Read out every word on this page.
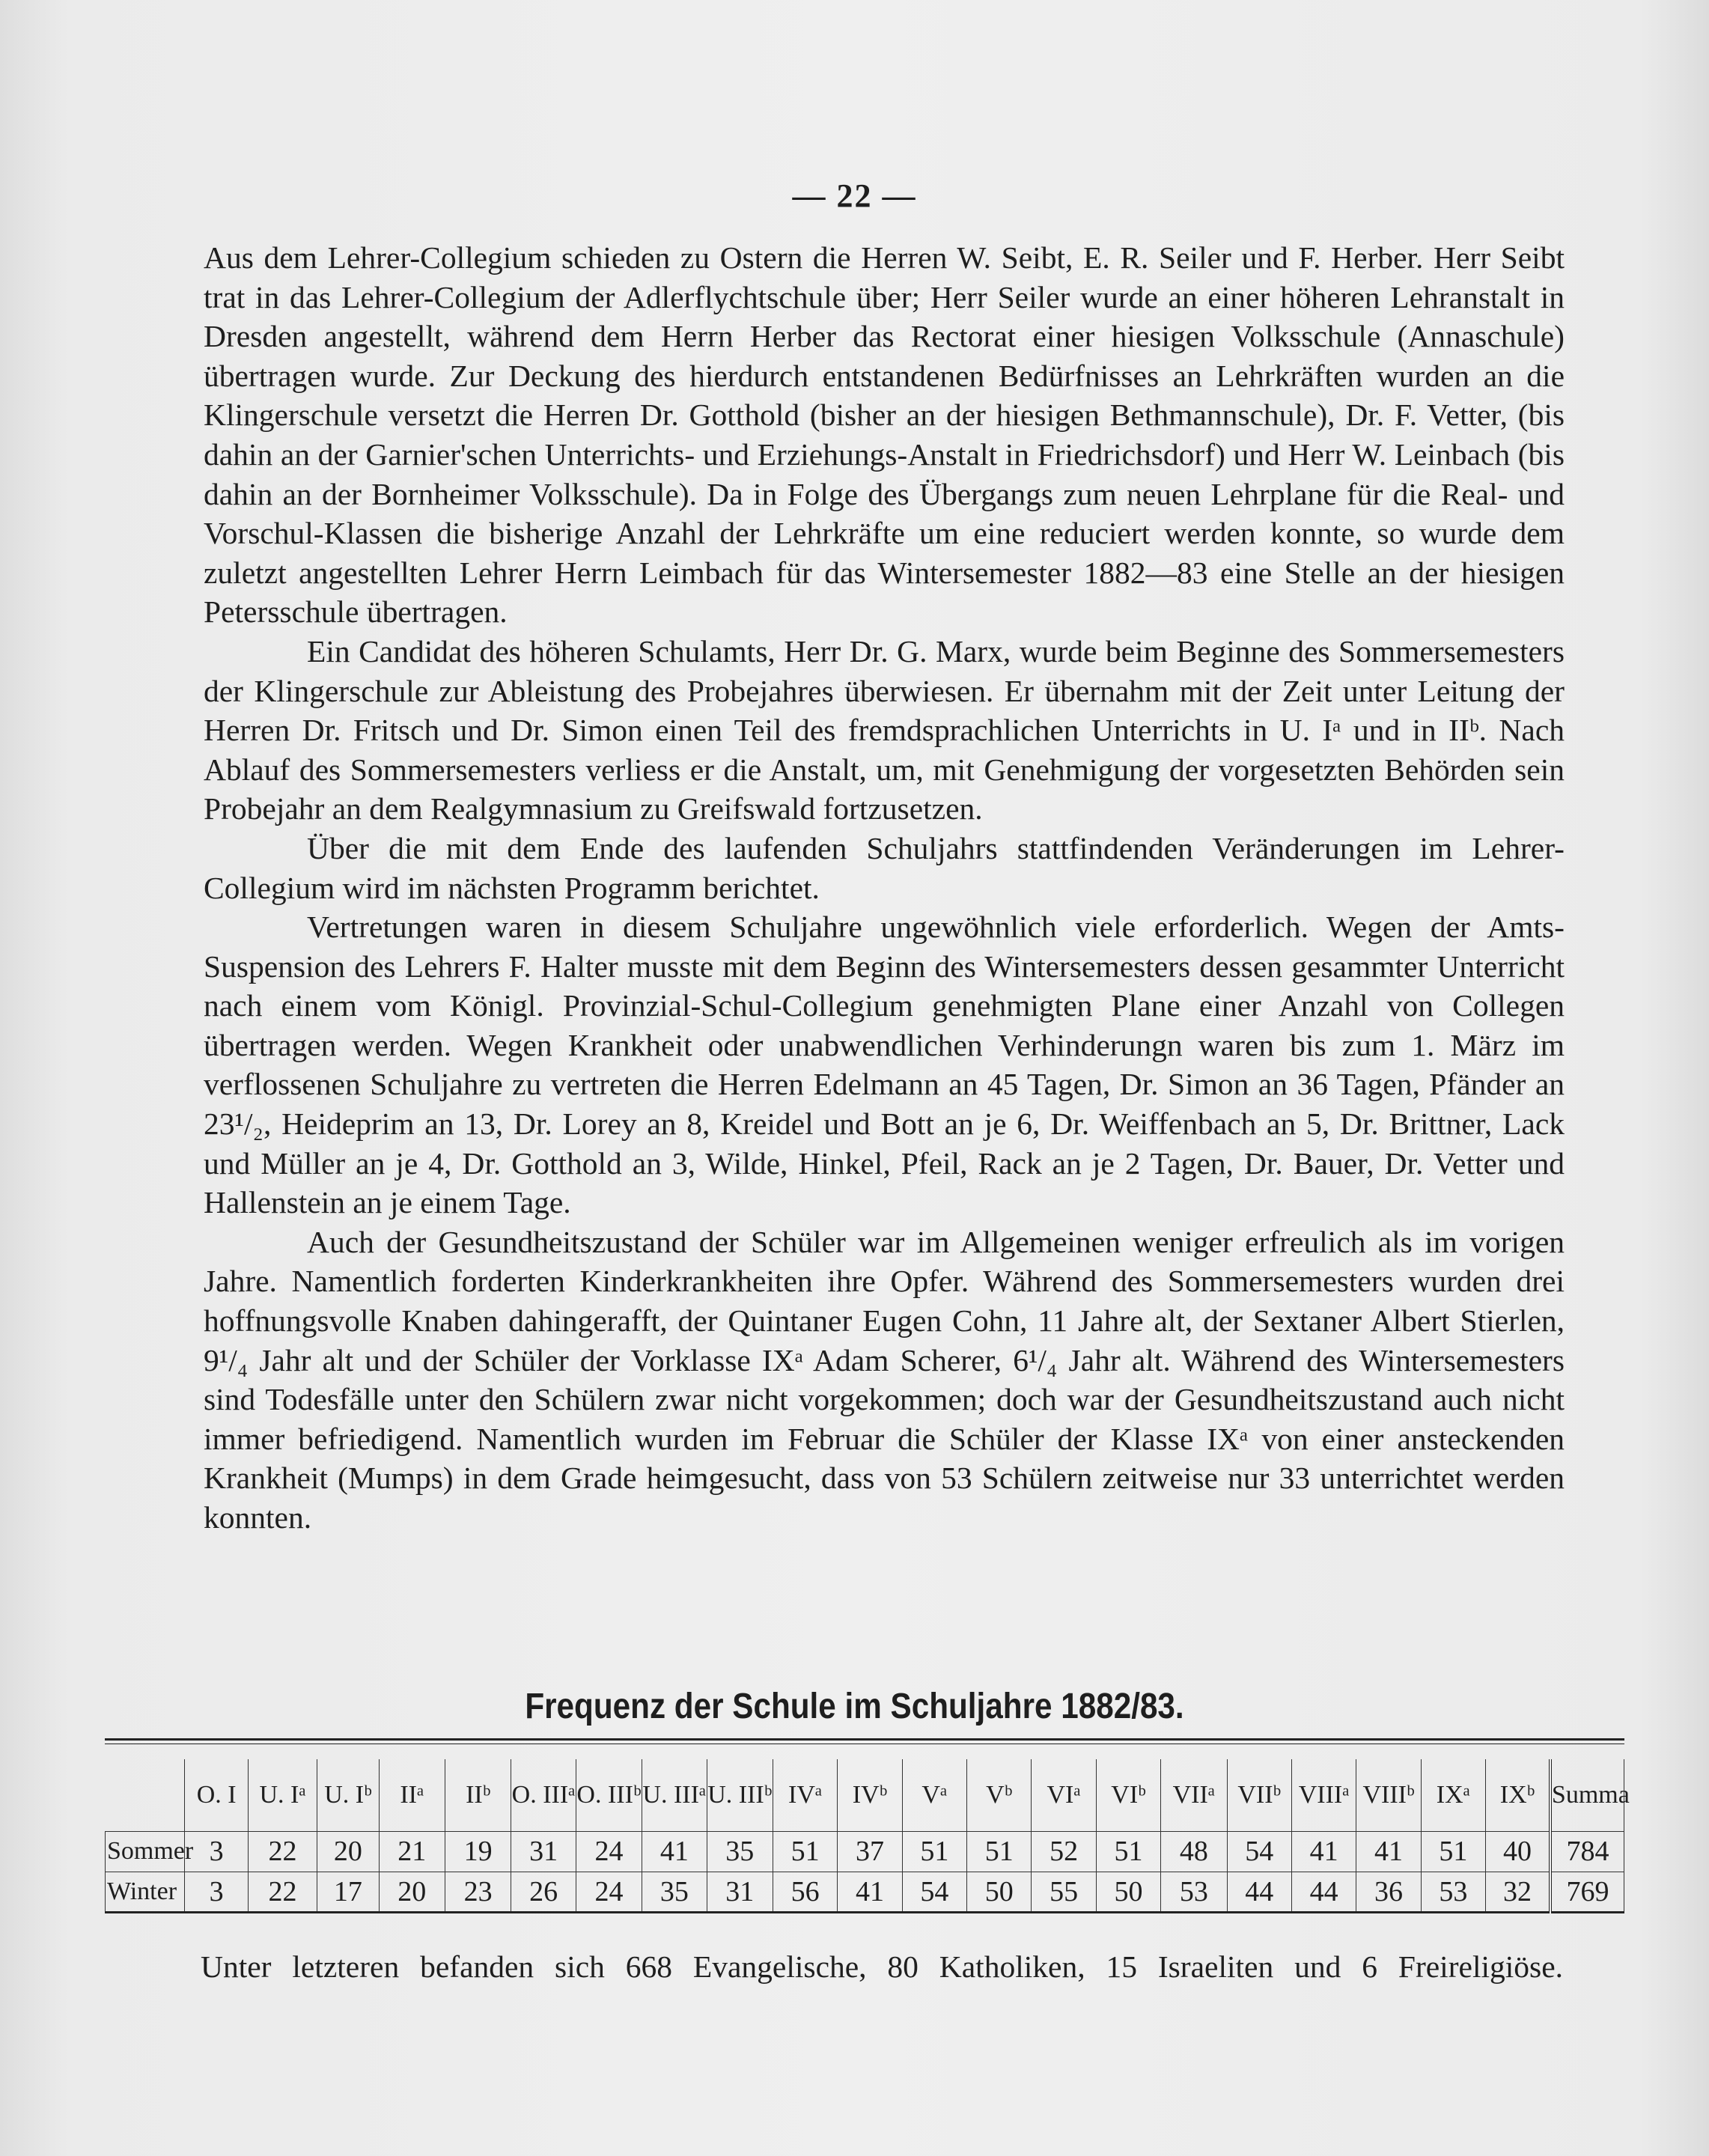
— 22 —

Aus dem Lehrer-Collegium schieden zu Ostern die Herren W. Seibt, E. R. Seiler und F. Herber. Herr Seibt trat in das Lehrer-Collegium der Adlerflychtschule über; Herr Seiler wurde an einer höheren Lehranstalt in Dresden angestellt, während dem Herrn Herber das Rectorat einer hiesigen Volksschule (Annaschule) übertragen wurde. Zur Deckung des hierdurch entstandenen Bedürfnisses an Lehrkräften wurden an die Klingerschule versetzt die Herren Dr. Gotthold (bisher an der hiesigen Bethmannschule), Dr. F. Vetter, (bis dahin an der Garnier'schen Unterrichts- und Erziehungs-Anstalt in Friedrichsdorf) und Herr W. Leinbach (bis dahin an der Bornheimer Volksschule). Da in Folge des Übergangs zum neuen Lehrplane für die Real- und Vorschul-Klassen die bisherige Anzahl der Lehrkräfte um eine reduciert werden konnte, so wurde dem zuletzt angestellten Lehrer Herrn Leimbach für das Wintersemester 1882—83 eine Stelle an der hiesigen Petersschule übertragen.

Ein Candidat des höheren Schulamts, Herr Dr. G. Marx, wurde beim Beginne des Sommersemesters der Klingerschule zur Ableistung des Probejahres überwiesen. Er übernahm mit der Zeit unter Leitung der Herren Dr. Fritsch und Dr. Simon einen Teil des fremdsprachlichen Unterrichts in U. Iᵃ und in IIᵇ. Nach Ablauf des Sommersemesters verliess er die Anstalt, um, mit Genehmigung der vorgesetzten Behörden sein Probejahr an dem Realgymnasium zu Greifswald fortzusetzen.

Über die mit dem Ende des laufenden Schuljahrs stattfindenden Veränderungen im Lehrer-Collegium wird im nächsten Programm berichtet.

Vertretungen waren in diesem Schuljahre ungewöhnlich viele erforderlich. Wegen der Amts-Suspension des Lehrers F. Halter musste mit dem Beginn des Wintersemesters dessen gesammter Unterricht nach einem vom Königl. Provinzial-Schul-Collegium genehmigten Plane einer Anzahl von Collegen übertragen werden. Wegen Krankheit oder unabwendlichen Verhinderungn waren bis zum 1. März im verflossenen Schuljahre zu vertreten die Herren Edelmann an 45 Tagen, Dr. Simon an 36 Tagen, Pfänder an 23¹/₂, Heideprim an 13, Dr. Lorey an 8, Kreidel und Bott an je 6, Dr. Weiffenbach an 5, Dr. Brittner, Lack und Müller an je 4, Dr. Gotthold an 3, Wilde, Hinkel, Pfeil, Rack an je 2 Tagen, Dr. Bauer, Dr. Vetter und Hallenstein an je einem Tage.

Auch der Gesundheitszustand der Schüler war im Allgemeinen weniger erfreulich als im vorigen Jahre. Namentlich forderten Kinderkrankheiten ihre Opfer. Während des Sommersemesters wurden drei hoffnungsvolle Knaben dahingerafft, der Quintaner Eugen Cohn, 11 Jahre alt, der Sextaner Albert Stierlen, 9¹/₄ Jahr alt und der Schüler der Vorklasse IXᵃ Adam Scherer, 6¹/₄ Jahr alt. Während des Wintersemesters sind Todesfälle unter den Schülern zwar nicht vorgekommen; doch war der Gesundheitszustand auch nicht immer befriedigend. Namentlich wurden im Februar die Schüler der Klasse IXᵃ von einer ansteckenden Krankheit (Mumps) in dem Grade heimgesucht, dass von 53 Schülern zeitweise nur 33 unterrichtet werden konnten.

Frequenz der Schule im Schuljahre 1882/83.
	O. I	U. Iᵃ	U. Iᵇ	IIᵃ	IIᵇ	O. IIIᵃ	O. IIIᵇ	U. IIIᵃ	U. IIIᵇ	IVᵃ	IVᵇ	Vᵃ	Vᵇ	VIᵃ	VIᵇ	VIIᵃ	VIIᵇ	VIIIᵃ	VIIIᵇ	IXᵃ	IXᵇ	Summa
Sommer	3	22	20	21	19	31	24	41	35	51	37	51	51	52	51	48	54	41	41	51	40	784
Winter	3	22	17	20	23	26	24	35	31	56	41	54	50	55	50	53	44	44	36	53	32	769
Unter letzteren befanden sich 668 Evangelische, 80 Katholiken, 15 Israeliten und 6 Freireligiöse.
